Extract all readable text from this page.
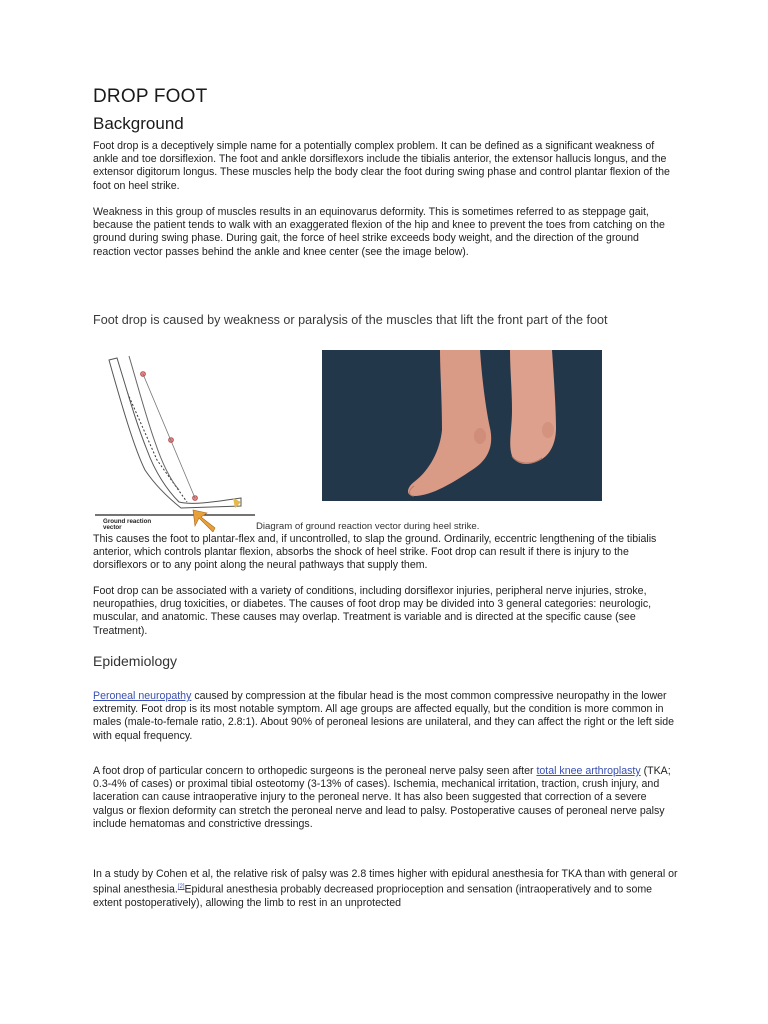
DROP FOOT
Background

Foot drop is a deceptively simple name for a potentially complex problem. It can be defined as a significant weakness of ankle and toe dorsiflexion. The foot and ankle dorsiflexors include the tibialis anterior, the extensor hallucis longus, and the extensor digitorum longus. These muscles help the body clear the foot during swing phase and control plantar flexion of the foot on heel strike.

Weakness in this group of muscles results in an equinovarus deformity. This is sometimes referred to as steppage gait, because the patient tends to walk with an exaggerated flexion of the hip and knee to prevent the toes from catching on the ground during swing phase. During gait, the force of heel strike exceeds body weight, and the direction of the ground reaction vector passes behind the ankle and knee center (see the image below).

Foot drop is caused by weakness or paralysis of the muscles that lift the front part of the foot

Ground reaction vector	Diagram of ground reaction vector during heel strike.

This causes the foot to plantar-flex and, if uncontrolled, to slap the ground. Ordinarily, eccentric lengthening of the tibialis anterior, which controls plantar flexion, absorbs the shock of heel strike. Foot drop can result if there is injury to the dorsiflexors or to any point along the neural pathways that supply them.

Foot drop can be associated with a variety of conditions, including dorsiflexor injuries, peripheral nerve injuries, stroke, neuropathies, drug toxicities, or diabetes. The causes of foot drop may be divided into 3 general categories: neurologic, muscular, and anatomic. These causes may overlap. Treatment is variable and is directed at the specific cause (see Treatment).

Epidemiology

Peroneal neuropathy caused by compression at the fibular head is the most common compressive neuropathy in the lower extremity. Foot drop is its most notable symptom. All age groups are affected equally, but the condition is more common in males (male-to-female ratio, 2.8:1). About 90% of peroneal lesions are unilateral, and they can affect the right or the left side with equal frequency.

A foot drop of particular concern to orthopedic surgeons is the peroneal nerve palsy seen after total knee arthroplasty (TKA; 0.3-4% of cases) or proximal tibial osteotomy (3-13% of cases). Ischemia, mechanical irritation, traction, crush injury, and laceration can cause intraoperative injury to the peroneal nerve. It has also been suggested that correction of a severe valgus or flexion deformity can stretch the peroneal nerve and lead to palsy. Postoperative causes of peroneal nerve palsy include hematomas and constrictive dressings.

In a study by Cohen et al, the relative risk of palsy was 2.8 times higher with epidural anesthesia for TKA than with general or spinal anesthesia.[2]Epidural anesthesia probably decreased proprioception and sensation (intraoperatively and to some extent postoperatively), allowing the limb to rest in an unprotected
